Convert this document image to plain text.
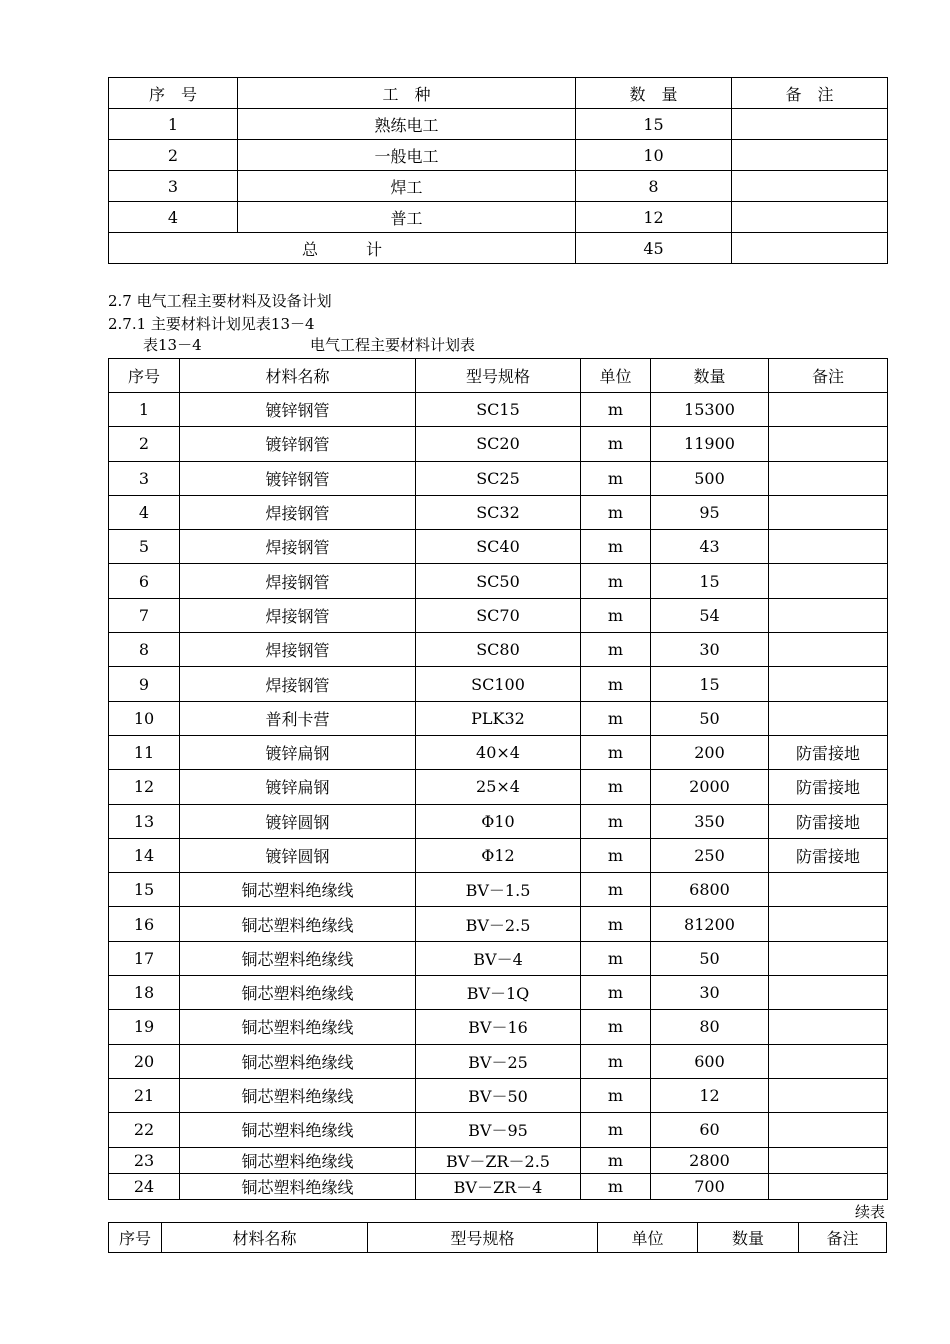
序　号	工　种	数　量	备　注
1	熟练电工	15	
2	一般电工	10	
3	焊工	8	
4	普工	12	
总　　　计		45	
2.7 电气工程主要材料及设备计划
2.7.1 主要材料计划见表13－4
表13－4	电气工程主要材料计划表
序号	材料名称	型号规格	单位	数量	备注
1	镀锌钢管	SC15	m	15300	
2	镀锌钢管	SC20	m	11900	
3	镀锌钢管	SC25	m	500	
4	焊接钢管	SC32	m	95	
5	焊接钢管	SC40	m	43	
6	焊接钢管	SC50	m	15	
7	焊接钢管	SC70	m	54	
8	焊接钢管	SC80	m	30	
9	焊接钢管	SC100	m	15	
10	普利卡营	PLK32	m	50	
11	镀锌扁钢	40×4	m	200	防雷接地
12	镀锌扁钢	25×4	m	2000	防雷接地
13	镀锌圆钢	Φ10	m	350	防雷接地
14	镀锌圆钢	Φ12	m	250	防雷接地
15	铜芯塑料绝缘线	BV－1.5	m	6800	
16	铜芯塑料绝缘线	BV－2.5	m	81200	
17	铜芯塑料绝缘线	BV－4	m	50	
18	铜芯塑料绝缘线	BV－1Q	m	30	
19	铜芯塑料绝缘线	BV－16	m	80	
20	铜芯塑料绝缘线	BV－25	m	600	
21	铜芯塑料绝缘线	BV－50	m	12	
22	铜芯塑料绝缘线	BV－95	m	60	
23	铜芯塑料绝缘线	BV－ZR－2.5	m	2800	
24	铜芯塑料绝缘线	BV－ZR－4	m	700	
续表
序号	材料名称	型号规格	单位	数量	备注
